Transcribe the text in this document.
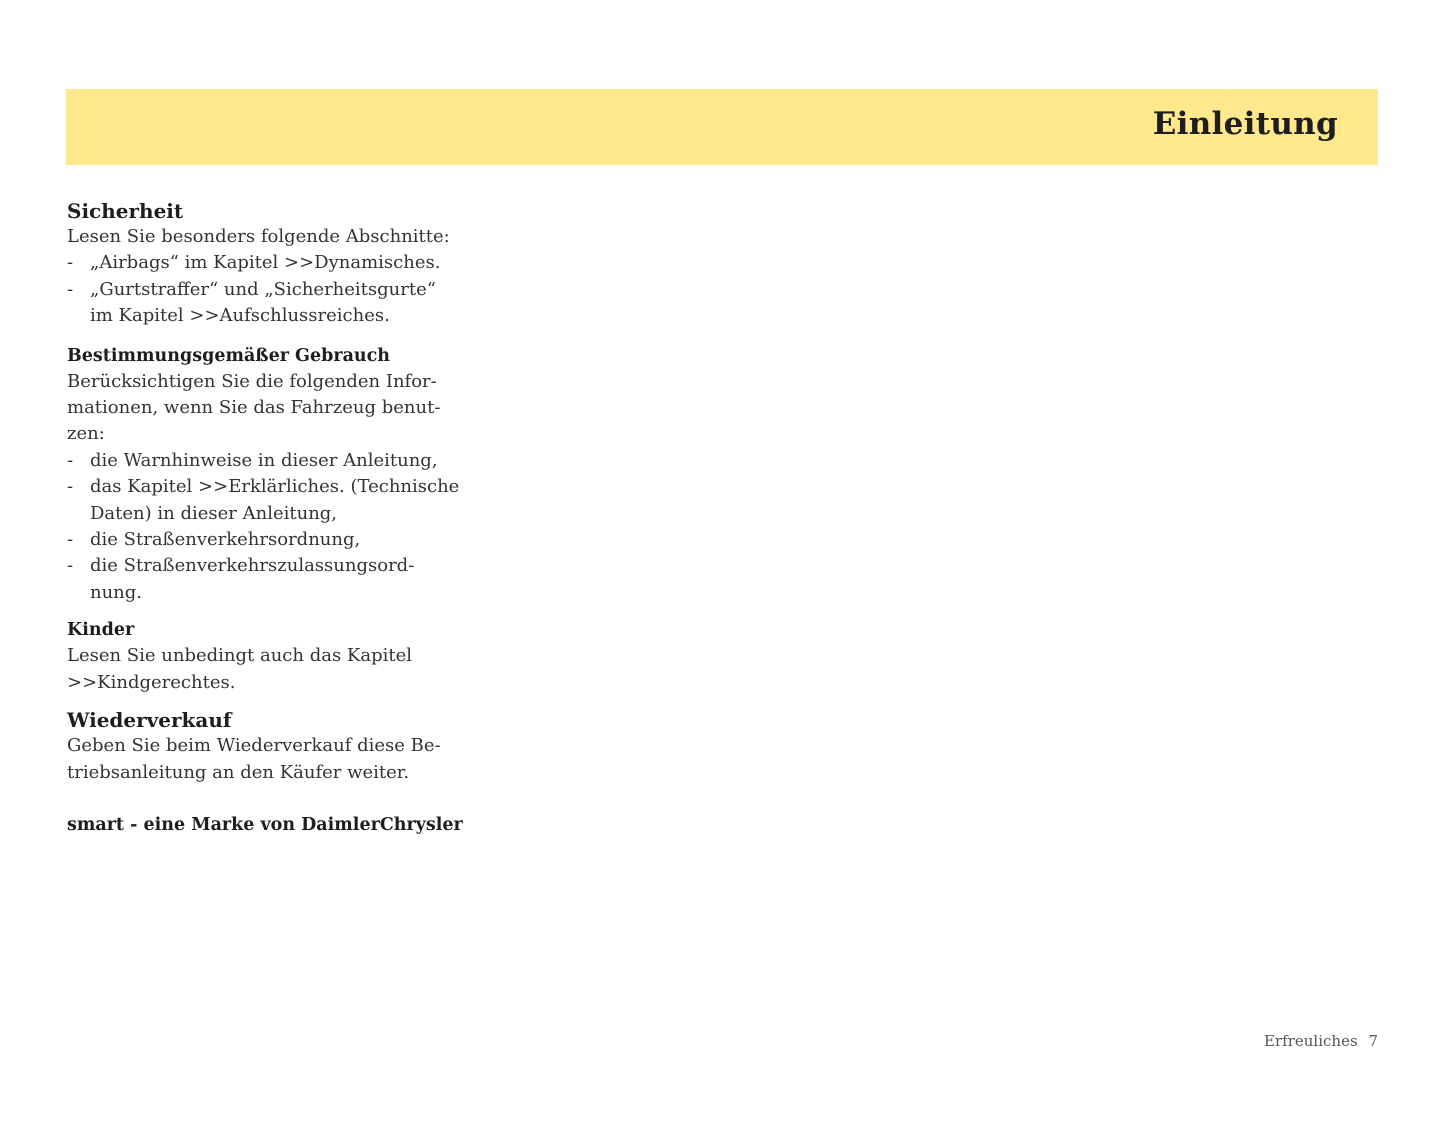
Einleitung
Sicherheit

Lesen Sie besonders folgende Abschnitte:

- „Airbags“ im Kapitel >>Dynamisches.
- „Gurtstraffer“ und „Sicherheitsgurte“
im Kapitel >>Aufschlussreiches.
Bestimmungsgemäßer Gebrauch

Berücksichtigen Sie die folgenden Infor-

mationen, wenn Sie das Fahrzeug benut-

zen:

- die Warnhinweise in dieser Anleitung,
- das Kapitel >>Erklärliches. (Technische
Daten) in dieser Anleitung,
- die Straßenverkehrsordnung,
- die Straßenverkehrszulassungsord-
nung.
Kinder

Lesen Sie unbedingt auch das Kapitel

>>Kindgerechtes.

Wiederverkauf

Geben Sie beim Wiederverkauf diese Be-

triebsanleitung an den Käufer weiter.

smart - eine Marke von DaimlerChrysler

Erfreuliches 7
